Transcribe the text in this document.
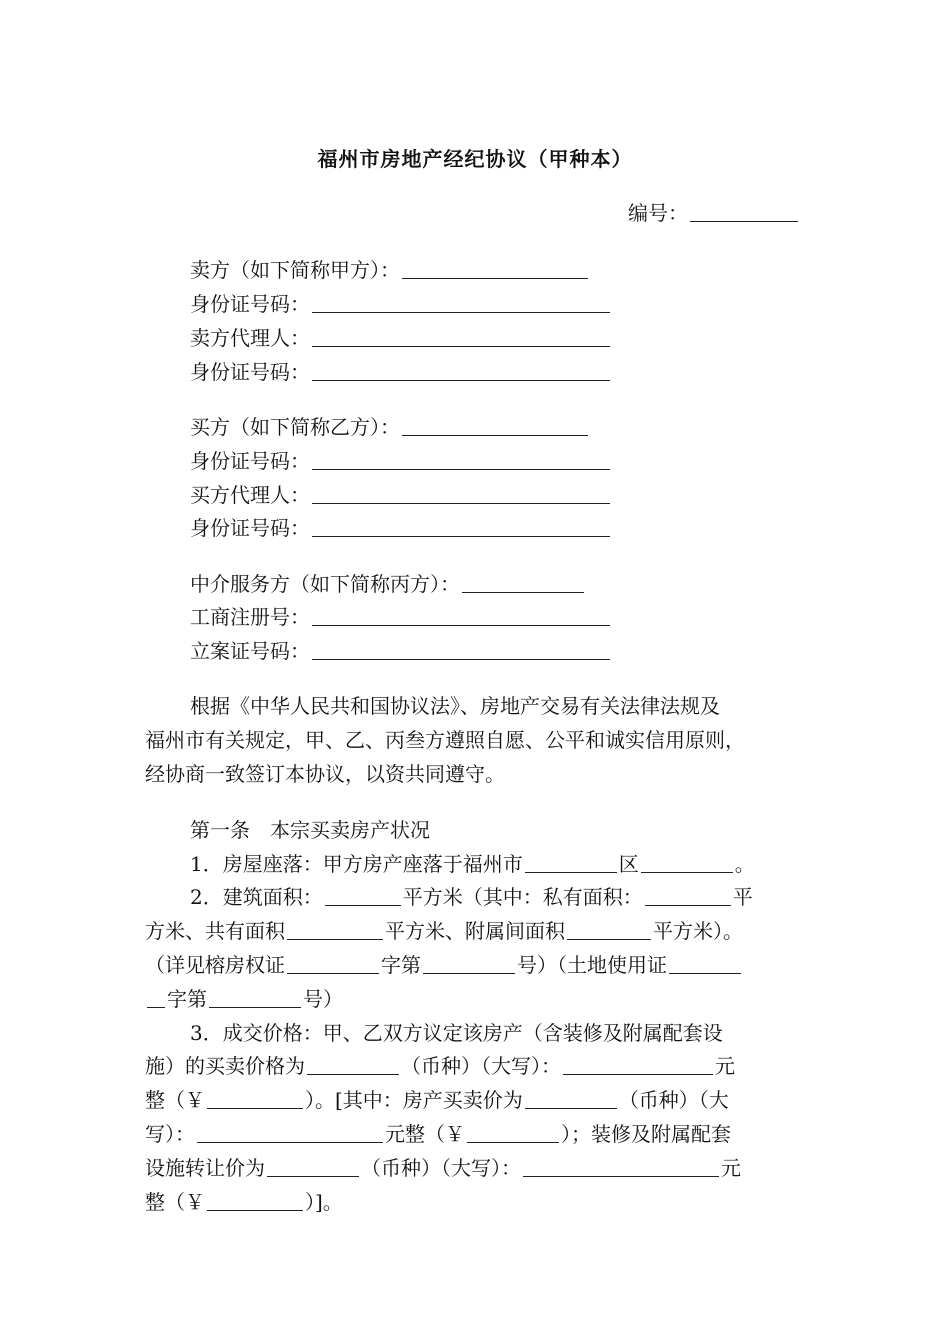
福州市房地产经纪协议（甲种本）
编号：
卖方（如下简称甲方）：
身份证号码：
卖方代理人：
身份证号码：
买方（如下简称乙方）：
身份证号码：
买方代理人：
身份证号码：
中介服务方（如下简称丙方）：
工商注册号：
立案证号码：
根据《中华人民共和国协议法》、房地产交易有关法律法规及
福州市有关规定，甲、乙、丙叁方遵照自愿、公平和诚实信用原则，
经协商一致签订本协议，以资共同遵守。
第一条　本宗买卖房产状况
1．房屋座落：甲方房产座落于福州市	区	。
2．建筑面积：	平方米（其中：私有面积：	平
方米、共有面积	平方米、附属间面积	平方米）。
（详见榕房权证	字第	号）（土地使用证
字第	号）
3．成交价格：甲、乙双方议定该房产（含装修及附属配套设
施）的买卖价格为	（币种）（大写）：	元
整（￥	）。[其中：房产买卖价为	（币种）（大
写）：	元整（￥	）；装修及附属配套
设施转让价为	（币种）（大写）：	元
整（￥	）]。
